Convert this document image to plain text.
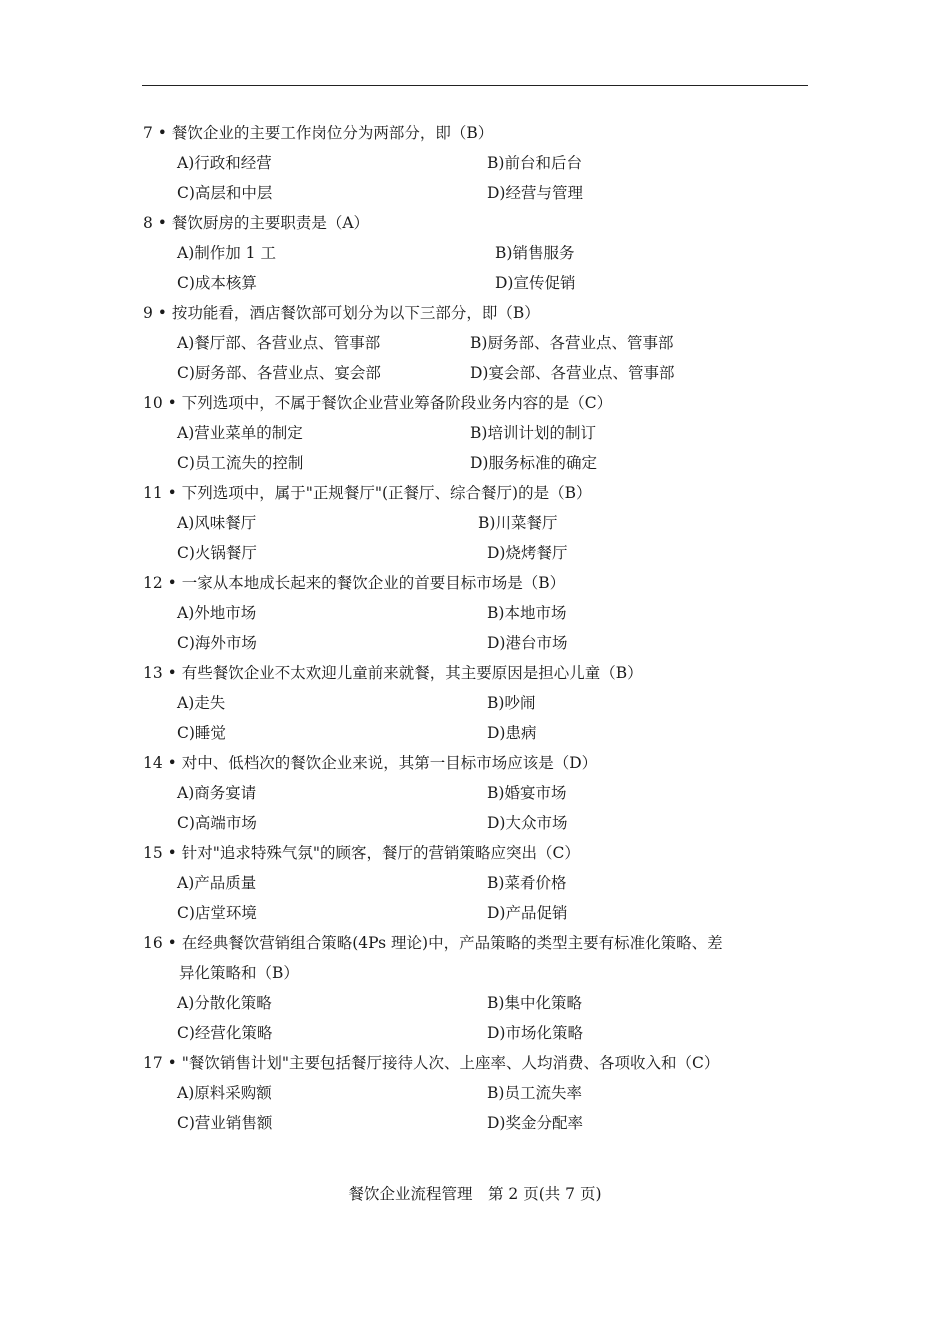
7 • 餐饮企业的主要工作岗位分为两部分，即（B）
A)行政和经营	B)前台和后台
C)高层和中层	D)经营与管理
8 • 餐饮厨房的主要职责是（A）
A)制作加 1 工	B)销售服务
C)成本核算	D)宣传促销
9 • 按功能看，酒店餐饮部可划分为以下三部分，即（B）
A)餐厅部、各营业点、管事部	B)厨务部、各营业点、管事部
C)厨务部、各营业点、宴会部	D)宴会部、各营业点、管事部
10 • 下列选项中，不属于餐饮企业营业筹备阶段业务内容的是（C）
A)营业菜单的制定	B)培训计划的制订
C)员工流失的控制	D)服务标准的确定
11 • 下列选项中，属于"正规餐厅"(正餐厅、综合餐厅)的是（B）
A)风味餐厅	B)川菜餐厅
C)火锅餐厅	D)烧烤餐厅
12 • 一家从本地成长起来的餐饮企业的首要目标市场是（B）
A)外地市场	B)本地市场
C)海外市场	D)港台市场
13 • 有些餐饮企业不太欢迎儿童前来就餐，其主要原因是担心儿童（B）
A)走失	B)吵闹
C)睡觉	D)患病
14 • 对中、低档次的餐饮企业来说，其第一目标市场应该是（D）
A)商务宴请	B)婚宴市场
C)高端市场	D)大众市场
15 • 针对"追求特殊气氛"的顾客，餐厅的营销策略应突出（C）
A)产品质量	B)菜肴价格
C)店堂环境	D)产品促销
16 • 在经典餐饮营销组合策略(4Ps 理论)中，产品策略的类型主要有标准化策略、差
异化策略和（B）
A)分散化策略	B)集中化策略
C)经营化策略	D)市场化策略
17 • "餐饮销售计划"主要包括餐厅接待人次、上座率、人均消费、各项收入和（C）
A)原料采购额	B)员工流失率
C)营业销售额	D)奖金分配率
餐饮企业流程管理　第 2 页(共 7 页)
